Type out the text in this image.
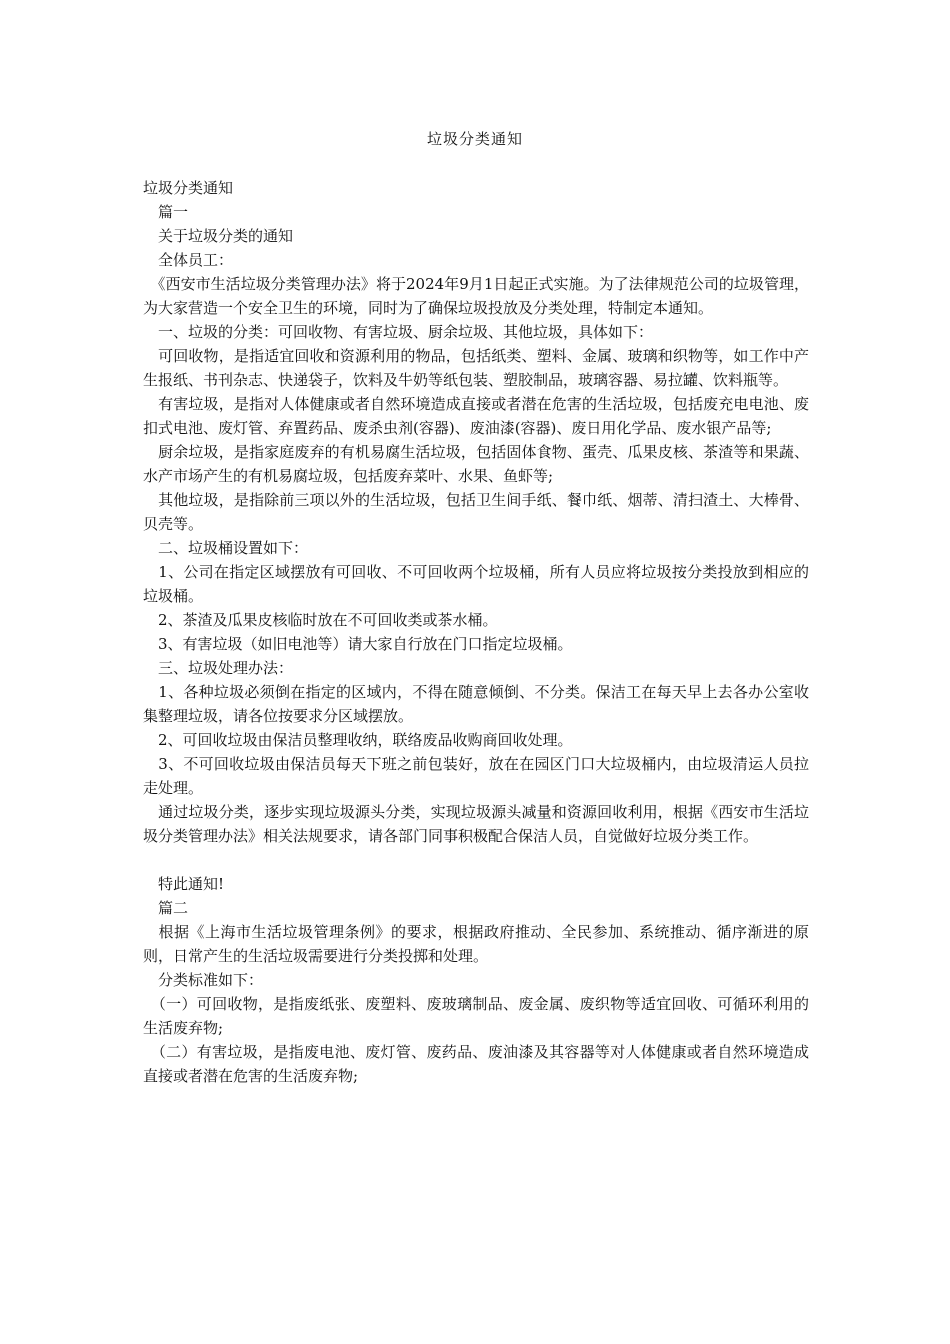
垃圾分类通知

垃圾分类通知

　篇一

　关于垃圾分类的通知

　全体员工：

　《西安市生活垃圾分类管理办法》将于2024年9月1日起正式实施。为了法律规范公司的垃圾管理，为大家营造一个安全卫生的环境，同时为了确保垃圾投放及分类处理，特制定本通知。

　一、垃圾的分类：可回收物、有害垃圾、厨余垃圾、其他垃圾，具体如下：

　可回收物，是指适宜回收和资源利用的物品，包括纸类、塑料、金属、玻璃和织物等，如工作中产生报纸、书刊杂志、快递袋子，饮料及牛奶等纸包装、塑胶制品，玻璃容器、易拉罐、饮料瓶等。

　有害垃圾，是指对人体健康或者自然环境造成直接或者潜在危害的生活垃圾，包括废充电电池、废扣式电池、废灯管、弃置药品、废杀虫剂(容器)、废油漆(容器)、废日用化学品、废水银产品等;

　厨余垃圾，是指家庭废弃的有机易腐生活垃圾，包括固体食物、蛋壳、瓜果皮核、茶渣等和果蔬、水产市场产生的有机易腐垃圾，包括废弃菜叶、水果、鱼虾等;

　其他垃圾，是指除前三项以外的生活垃圾，包括卫生间手纸、餐巾纸、烟蒂、清扫渣土、大棒骨、贝壳等。

　二、垃圾桶设置如下：

　1、公司在指定区域摆放有可回收、不可回收两个垃圾桶，所有人员应将垃圾按分类投放到相应的垃圾桶。

　2、茶渣及瓜果皮核临时放在不可回收类或茶水桶。

　3、有害垃圾（如旧电池等）请大家自行放在门口指定垃圾桶。

　三、垃圾处理办法：

　1、各种垃圾必须倒在指定的区域内，不得在随意倾倒、不分类。保洁工在每天早上去各办公室收集整理垃圾，请各位按要求分区域摆放。

　2、可回收垃圾由保洁员整理收纳，联络废品收购商回收处理。

　3、不可回收垃圾由保洁员每天下班之前包装好，放在在园区门口大垃圾桶内，由垃圾清运人员拉走处理。

　通过垃圾分类，逐步实现垃圾源头分类，实现垃圾源头减量和资源回收利用，根据《西安市生活垃圾分类管理办法》相关法规要求，请各部门同事积极配合保洁人员，自觉做好垃圾分类工作。

　特此通知!

　篇二

　根据《上海市生活垃圾管理条例》的要求，根据政府推动、全民参加、系统推动、循序渐进的原则，日常产生的生活垃圾需要进行分类投掷和处理。

　分类标准如下：

　（一）可回收物，是指废纸张、废塑料、废玻璃制品、废金属、废织物等适宜回收、可循环利用的生活废弃物;

　（二）有害垃圾，是指废电池、废灯管、废药品、废油漆及其容器等对人体健康或者自然环境造成直接或者潜在危害的生活废弃物;
